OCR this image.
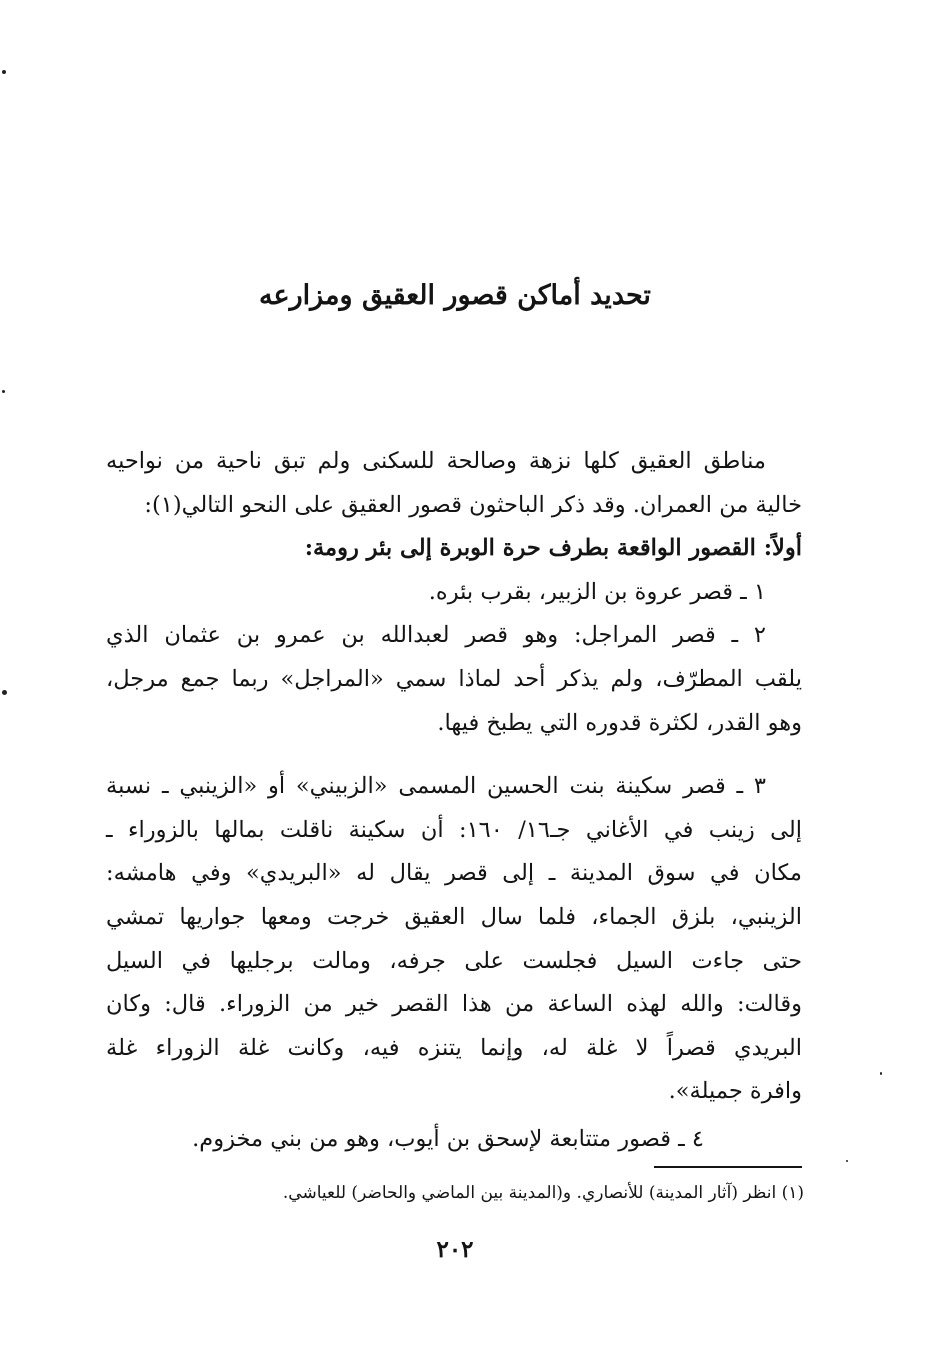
تحديد أماكن قصور العقيق ومزارعه
مناطق العقيق كلها نزهة وصالحة للسكنى ولم تبق ناحية من نواحيه
خالية من العمران. وقد ذكر الباحثون قصور العقيق على النحو التالي(١):
أولاً: القصور الواقعة بطرف حرة الوبرة إلى بئر رومة:
١ ـ قصر عروة بن الزبير، بقرب بئره.
٢ ـ قصر المراجل: وهو قصر لعبدالله بن عمرو بن عثمان الذي
يلقب المطرّف، ولم يذكر أحد لماذا سمي «المراجل» ربما جمع مرجل،
وهو القدر، لكثرة قدوره التي يطبخ فيها.
٣ ـ قصر سكينة بنت الحسين المسمى «الزبيني» أو «الزينبي ـ نسبة
إلى زينب في الأغاني جـ١٦/ ١٦٠: أن سكينة ناقلت بمالها بالزوراء ـ
مكان في سوق المدينة ـ إلى قصر يقال له «البريدي» وفي هامشه:
الزينبي، بلزق الجماء، فلما سال العقيق خرجت ومعها جواريها تمشي
حتى جاءت السيل فجلست على جرفه، ومالت برجليها في السيل
وقالت: والله لهذه الساعة من هذا القصر خير من الزوراء. قال: وكان
البريدي قصراً لا غلة له، وإنما يتنزه فيه، وكانت غلة الزوراء غلة
وافرة جميلة».
٤ ـ قصور متتابعة لإسحق بن أيوب، وهو من بني مخزوم.
(١) انظر (آثار المدينة) للأنصاري. و(المدينة بين الماضي والحاضر) للعياشي.
٢٠٢
